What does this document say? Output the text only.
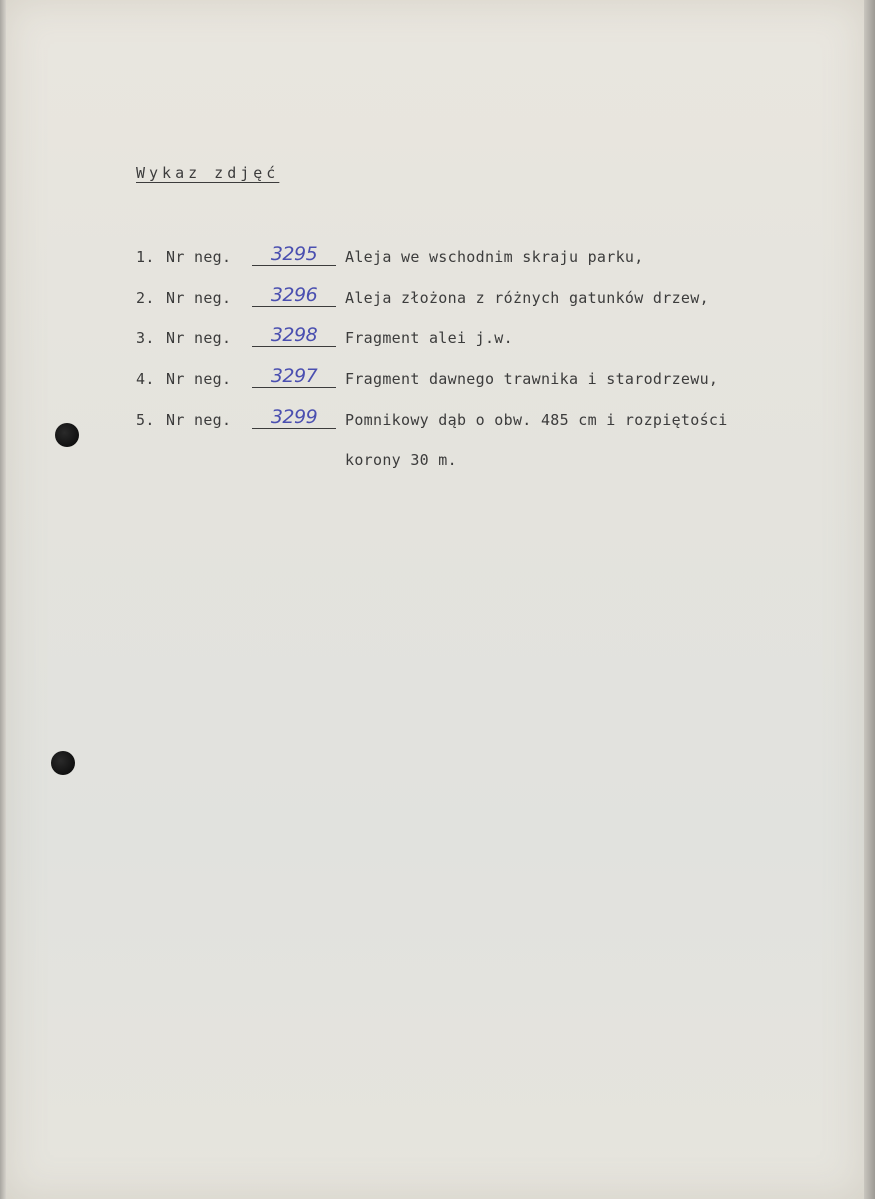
Wykaz zdjęć
1. Nr neg.	3295	Aleja we wschodnim skraju parku,
2. Nr neg.	3296	Aleja złożona z różnych gatunków drzew,
3. Nr neg.	3298	Fragment alei j.w.
4. Nr neg.	3297	Fragment dawnego trawnika i starodrzewu,
5. Nr neg.	3299	Pomnikowy dąb o obw. 485 cm i rozpiętości
korony 30 m.
